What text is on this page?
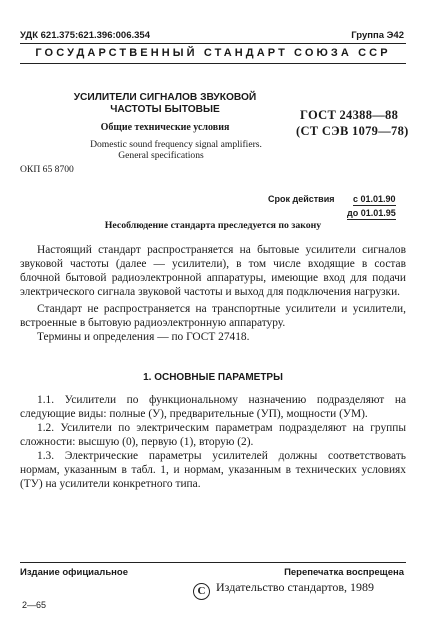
УДК 621.375:621.396:006.354	Группа Э42
ГОСУДАРСТВЕННЫЙ СТАНДАРТ СОЮЗА ССР
УСИЛИТЕЛИ СИГНАЛОВ ЗВУКОВОЙ
ЧАСТОТЫ БЫТОВЫЕ
Общие технические условия
Domestic sound frequency signal amplifiers.
General specifications
ОКП 65 8700
ГОСТ 24388—88
(СТ СЭВ 1079—78)
Срок действия с 01.01.90
до 01.01.95
Несоблюдение стандарта преследуется по закону

Настоящий стандарт распространяется на бытовые усилители сигналов звуковой частоты (далее — усилители), в том числе входящие в состав блочной бытовой радиоэлектронной аппаратуры, имеющие вход для подачи электрического сигнала звуковой частоты и выход для подключения нагрузки.

Стандарт не распространяется на транспортные усилители и усилители, встроенные в бытовую радиоэлектронную аппаратуру.

Термины и определения — по ГОСТ 27418.

1. ОСНОВНЫЕ ПАРАМЕТРЫ

1.1. Усилители по функциональному назначению подразделяют на следующие виды: полные (У), предварительные (УП), мощности (УМ).

1.2. Усилители по электрическим параметрам подразделяют на группы сложности: высшую (0), первую (1), вторую (2).

1.3. Электрические параметры усилителей должны соответствовать нормам, указанным в табл. 1, и нормам, указанным в технических условиях (ТУ) на усилители конкретного типа.

Издание официальное	Перепечатка воспрещена
С Издательство стандартов, 1989
2—65
